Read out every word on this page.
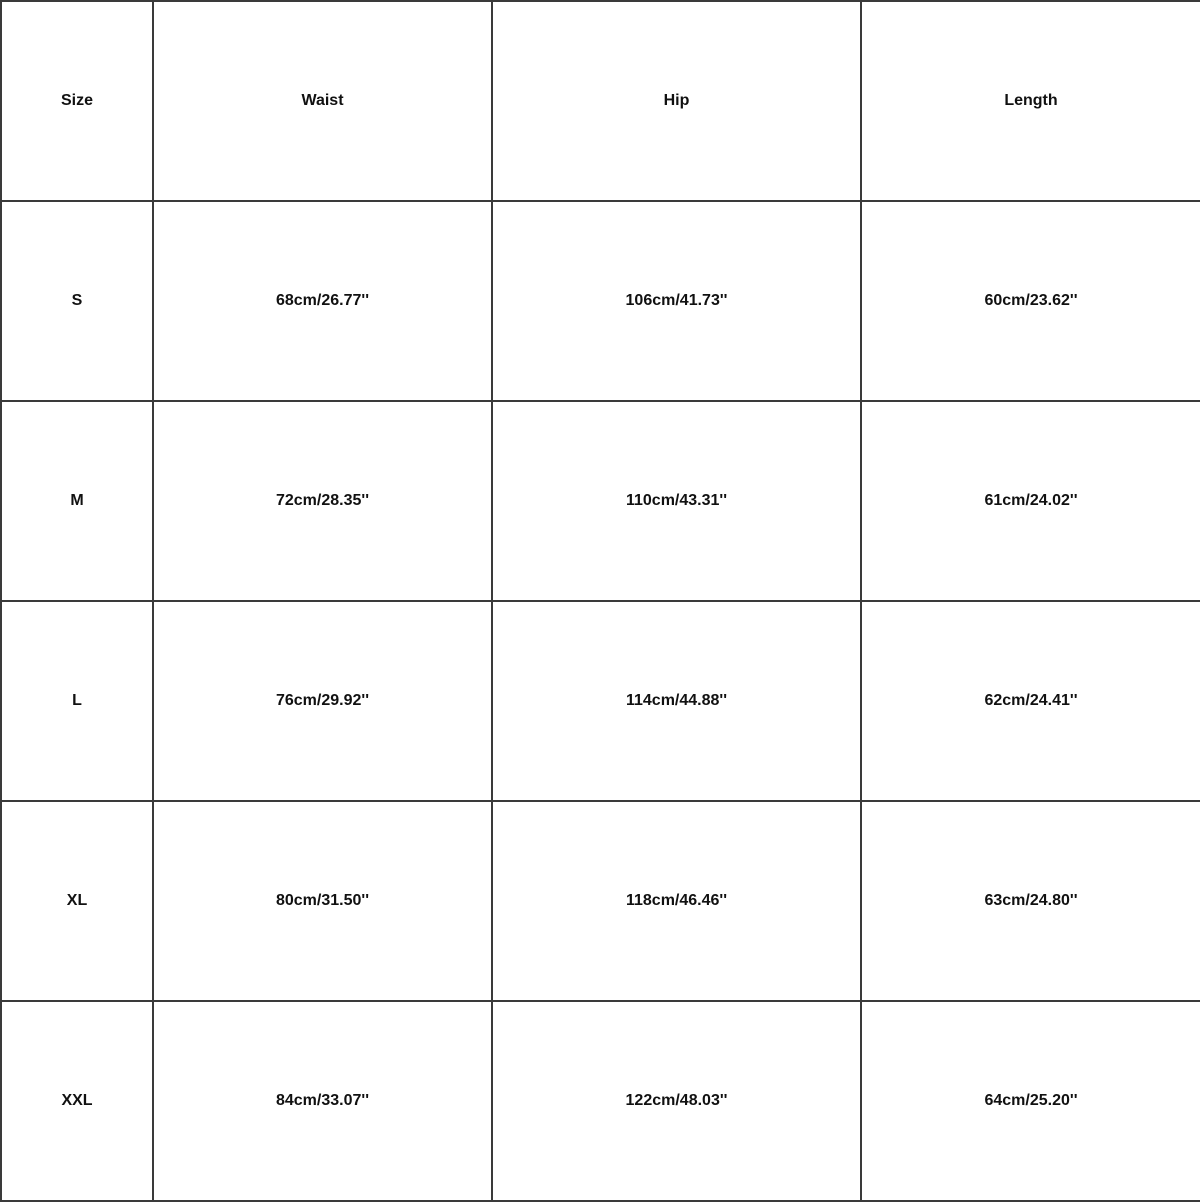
Size	Waist	Hip	Length
S	68cm/26.77''	106cm/41.73''	60cm/23.62''
M	72cm/28.35''	110cm/43.31''	61cm/24.02''
L	76cm/29.92''	114cm/44.88''	62cm/24.41''
XL	80cm/31.50''	118cm/46.46''	63cm/24.80''
XXL	84cm/33.07''	122cm/48.03''	64cm/25.20''
